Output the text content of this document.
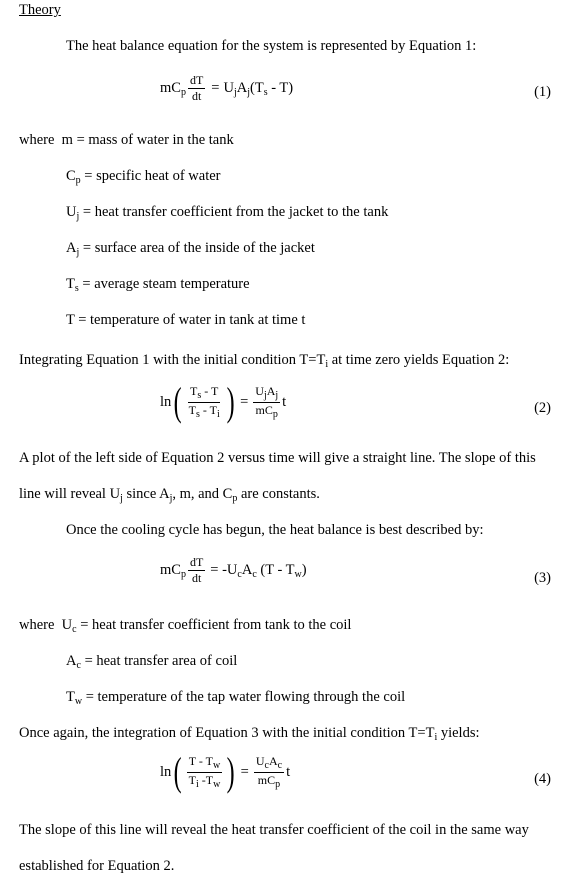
Theory
The heat balance equation for the system is represented by Equation 1:
$mC_p \frac{dT}{dt} = U_jA_j(T_s - T)$	(1)
where m = mass of water in the tank
$C_p$ = specific heat of water
$U_j$ = heat transfer coefficient from the jacket to the tank
$A_j$ = surface area of the inside of the jacket
$T_s$ = average steam temperature
T = temperature of water in tank at time t
Integrating Equation 1 with the initial condition $T=T_i$ at time zero yields Equation 2:
ln ( $T_s$ - T
$T_s - T_i$ ) =
$U_jA_j$
$mC_p$
t	(2)
A plot of the left side of Equation 2 versus time will give a straight line. The slope of this
line will reveal $U_j$ since $A_j$, m, and $C_p$ are constants.
Once the cooling cycle has begun, the heat balance is best described by:
$mC_p \frac{dT}{dt} = -U_cA_c$ $(T - T_w)$
(3)
where $U_c$ = heat transfer coefficient from tank to the coil
$A_c$ = heat transfer area of coil
$T_w$ = temperature of the tap water flowing through the coil
Once again, the integration of Equation 3 with the initial condition $T=T_i$ yields:
ln ( T - $T_w$
$T_i$ $-T_w$ ) =
$U_cA_c$
$mC_p$
t	(4)
The slope of this line will reveal the heat transfer coefficient of the coil in the same way
established for Equation 2.
